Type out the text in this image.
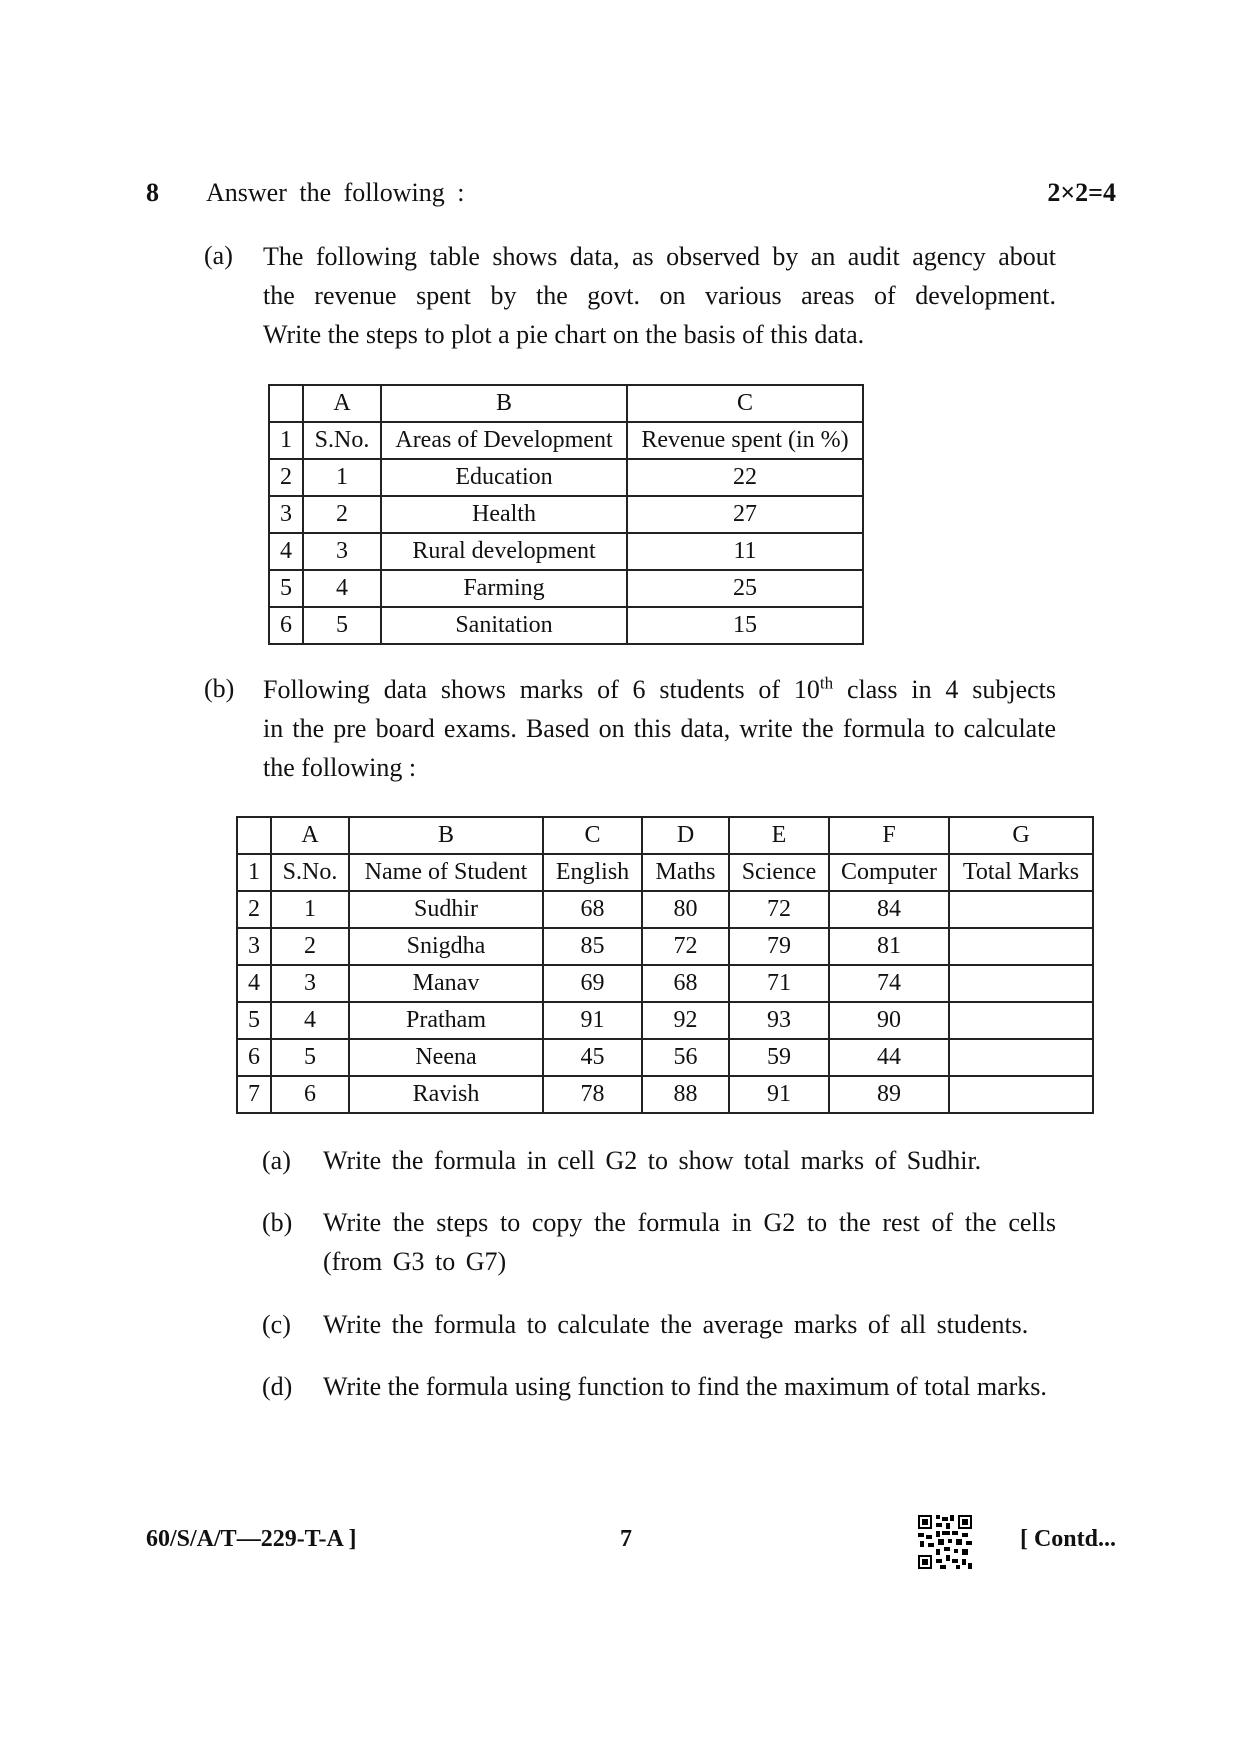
8 Answer the following :	2×2=4
(a) The following table shows data, as observed by an audit agency about
the revenue spent by the govt. on various areas of development.
Write the steps to plot a pie chart on the basis of this data.
	A	B	C
1	S.No.	Areas of Development	Revenue spent (in %)
2	1	Education	22
3	2	Health	27
4	3	Rural development	11
5	4	Farming	25
6	5	Sanitation	15
(b) Following data shows marks of 6 students of 10th class in 4 subjects
in the pre board exams. Based on this data, write the formula to calculate
the following :
	A	B	C	D	E	F	G
1	S.No.	Name of Student	English	Maths	Science	Computer	Total Marks
2	1	Sudhir	68	80	72	84	
3	2	Snigdha	85	72	79	81	
4	3	Manav	69	68	71	74	
5	4	Pratham	91	92	93	90	
6	5	Neena	45	56	59	44	
7	6	Ravish	78	88	91	89	
(a) Write the formula in cell G2 to show total marks of Sudhir.
(b) Write the steps to copy the formula in G2 to the rest of the cells
(from G3 to G7)
(c) Write the formula to calculate the average marks of all students.
(d) Write the formula using function to find the maximum of total marks.
60/S/A/T—229-T-A ]	7	[ Contd...
